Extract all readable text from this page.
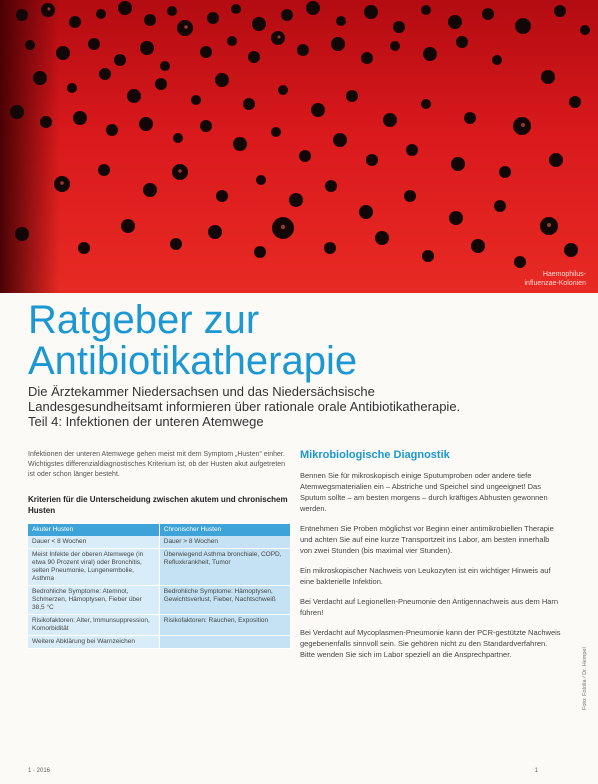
Haemophilus-
influenzae-Kolonien
Ratgeber zur
Antibiotikatherapie
Die Ärztekammer Niedersachsen und das Niedersächsische
Landesgesundheitsamt informieren über rationale orale Antibiotikatherapie.
Teil 4: Infektionen der unteren Atemwege

Infektionen der unteren Atemwege gehen meist mit dem Symptom „Husten“ einher. Wichtigstes differenzialdiagnostisches Kriterium ist, ob der Husten akut aufgetreten ist oder schon länger besteht.

Kriterien für die Unterscheidung zwischen akutem und chronischem Husten
Akuter Husten	Chronischer Husten
Dauer < 8 Wochen	Dauer > 8 Wochen
Meist Infekte der oberen Atemwege (in etwa 90 Prozent viral) oder Bronchitis, selten Pneumonie, Lungenembolie, Asthma	Überwiegend Asthma bronchiale, COPD, Refluxkrankheit, Tumor
Bedrohliche Symptome: Atemnot, Schmerzen, Hämoptysen, Fieber über 38,5 °C	Bedrohliche Symptome: Hämoptysen, Gewichtsverlust, Fieber, Nachtschweiß
Risikofaktoren: Alter, Immunsuppression, Komorbidität	Risikofaktoren: Rauchen, Exposition
Weitere Abklärung bei Warnzeichen	
Mikrobiologische Diagnostik

Bennen Sie für mikroskopisch einige Sputumproben oder andere tiefe Atemwegsmaterialien ein – Abstriche und Speichel sind ungeeignet! Das Sputum sollte – am besten morgens – durch kräftiges Abhusten gewonnen werden.

Entnehmen Sie Proben möglichst vor Beginn einer antimikrobiellen Therapie und achten Sie auf eine kurze Transportzeit ins Labor, am besten innerhalb von zwei Stunden (bis maximal vier Stunden).

Ein mikroskopischer Nachweis von Leukozyten ist ein wichtiger Hinweis auf eine bakterielle Infektion.

Bei Verdacht auf Legionellen-Pneumonie den Antigennachweis aus dem Harn führen!

Bei Verdacht auf Mycoplasmen-Pneumonie kann der PCR-gestützte Nachweis gegebenenfalls sinnvoll sein. Sie gehören nicht zu den Standardverfahren. Bitte wenden Sie sich im Labor speziell an die Ansprechpartner.	Foto: Fotolia / Dr. Hempel
1 · 2016	1
